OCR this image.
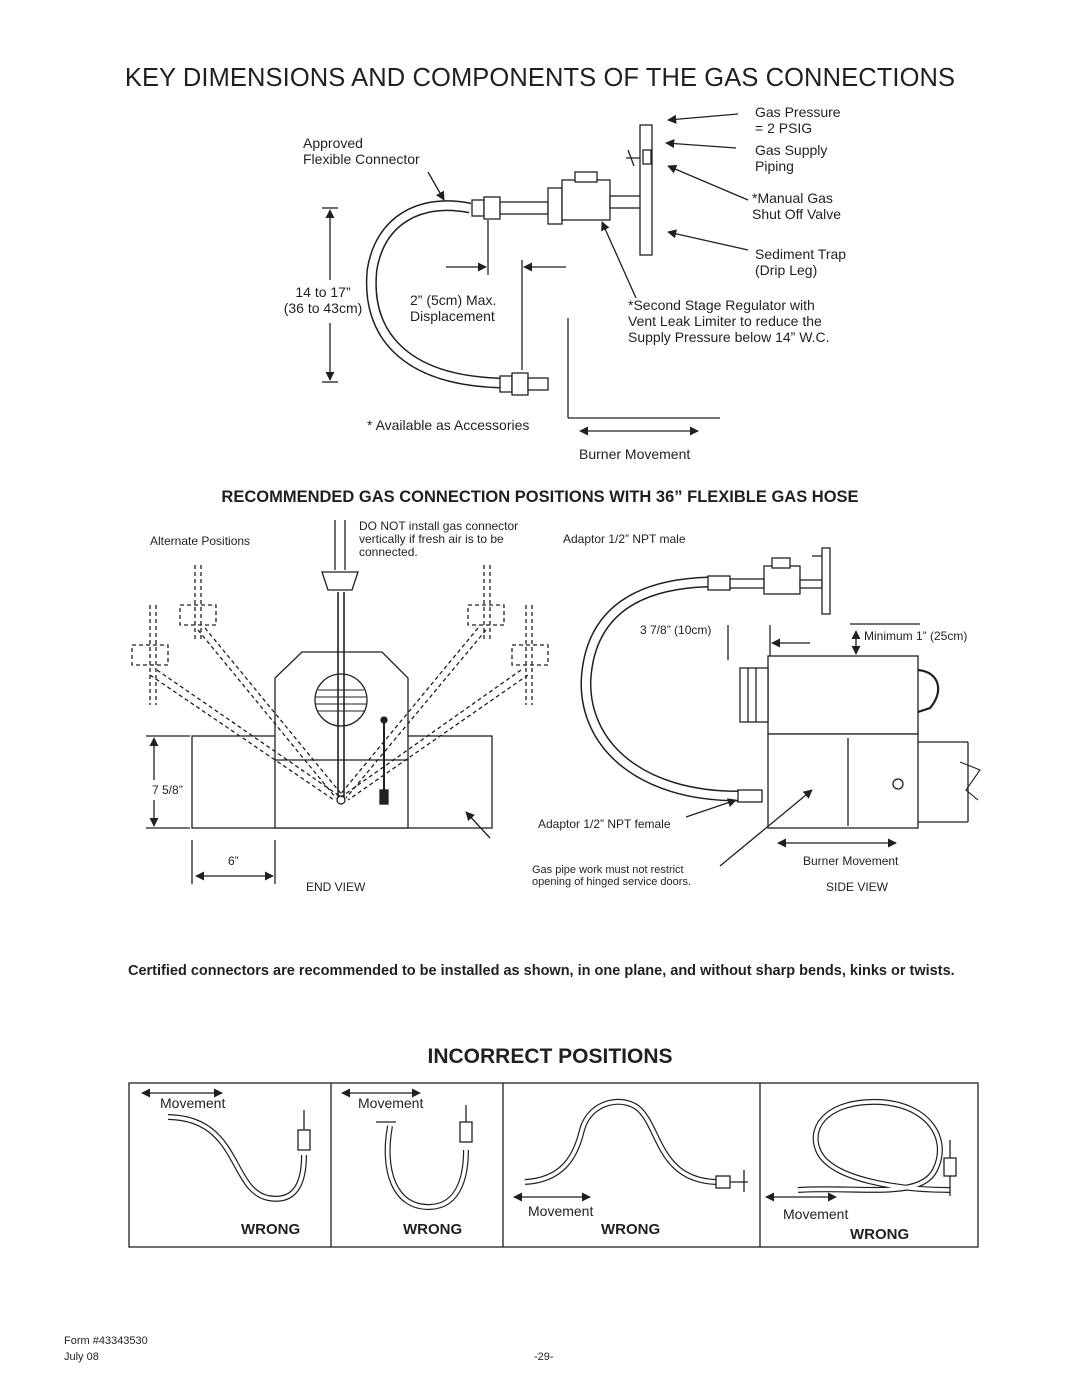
KEY DIMENSIONS AND COMPONENTS OF THE GAS CONNECTIONS
Gas Pressure
= 2 PSIG
Approved
Flexible Connector
Gas Supply
Piping
*Manual Gas
Shut Off Valve
Sediment Trap
(Drip Leg)
14 to 17”
(36 to 43cm)	2” (5cm) Max.
Displacement
*Second Stage Regulator with
Vent Leak Limiter to reduce the
Supply Pressure below 14” W.C.
* Available as Accessories
Burner Movement
RECOMMENDED GAS CONNECTION POSITIONS WITH 36” FLEXIBLE GAS HOSE
Alternate Positions
DO NOT install gas connector
vertically if fresh air is to be
connected.
7 5/8”
6”
END VIEW
Adaptor 1/2” NPT male
3 7/8” (10cm)	Minimum 1” (25cm)
Adaptor 1/2” NPT female
Gas pipe work must not restrict
opening of hinged service doors.
Burner Movement
SIDE VIEW
Certified connectors are recommended to be installed as shown, in one plane, and without sharp bends, kinks or twists.
INCORRECT POSITIONS
Movement
WRONG
Movement
WRONG
Movement
WRONG
Movement
WRONG
Form #43343530
July 08	-29-
